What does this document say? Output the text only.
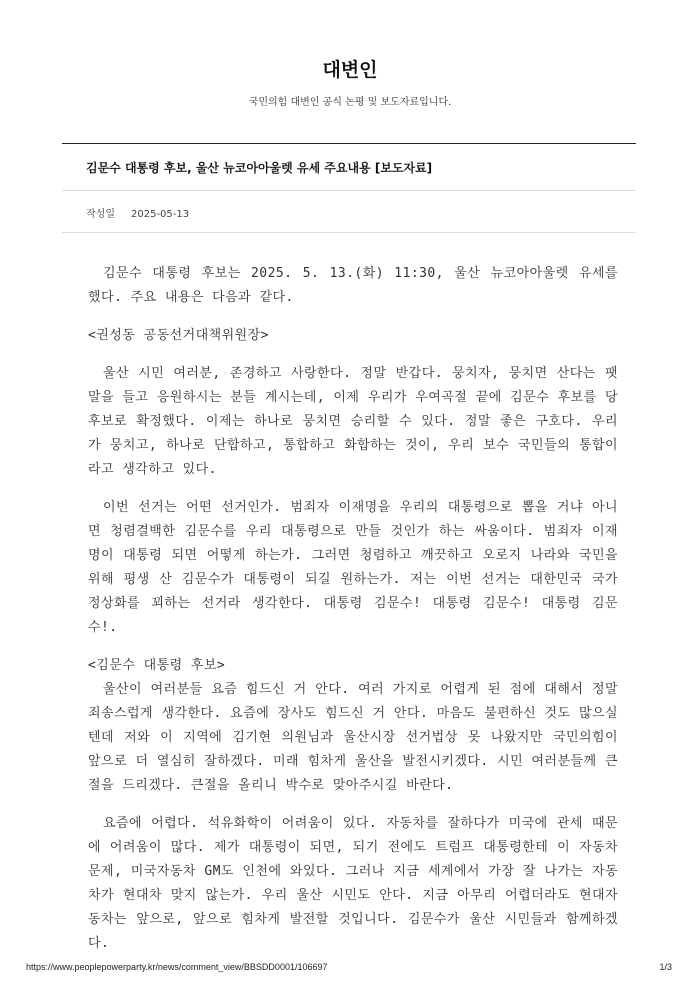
대변인
국민의힘 대변인 공식 논평 및 보도자료입니다.
김문수 대통령 후보, 울산 뉴코아아울렛 유세 주요내용 [보도자료]
작성일 2025-05-13

김문수 대통령 후보는 2025. 5. 13.(화) 11:30, 울산 뉴코아아울렛 유세를 했다. 주요 내용은 다음과 같다.

<권성동 공동선거대책위원장>

울산 시민 여러분, 존경하고 사랑한다. 정말 반갑다. 뭉치자, 뭉치면 산다는 팻말을 들고 응원하시는 분들 계시는데, 이제 우리가 우여곡절 끝에 김문수 후보를 당 후보로 확정했다. 이제는 하나로 뭉치면 승리할 수 있다. 정말 좋은 구호다. 우리가 뭉치고, 하나로 단합하고, 통합하고 화합하는 것이, 우리 보수 국민들의 통합이라고 생각하고 있다.

이번 선거는 어떤 선거인가. 범죄자 이재명을 우리의 대통령으로 뽑을 거냐 아니면 청렴결백한 김문수를 우리 대통령으로 만들 것인가 하는 싸움이다. 범죄자 이재명이 대통령 되면 어떻게 하는가. 그러면 청렴하고 깨끗하고 오로지 나라와 국민을 위해 평생 산 김문수가 대통령이 되길 원하는가. 저는 이번 선거는 대한민국 국가 정상화를 꾀하는 선거라 생각한다. 대통령 김문수! 대통령 김문수! 대통령 김문수!.

<김문수 대통령 후보>

울산이 여러분들 요즘 힘드신 거 안다. 여러 가지로 어렵게 된 점에 대해서 정말 죄송스럽게 생각한다. 요즘에 장사도 힘드신 거 안다. 마음도 불편하신 것도 많으실 텐데 저와 이 지역에 김기현 의원님과 울산시장 선거법상 못 나왔지만 국민의힘이 앞으로 더 열심히 잘하겠다. 미래 힘차게 울산을 발전시키겠다. 시민 여러분들께 큰절을 드리겠다. 큰절을 올리니 박수로 맞아주시길 바란다.

요즘에 어렵다. 석유화학이 어려움이 있다. 자동차를 잘하다가 미국에 관세 때문에 어려움이 많다. 제가 대통령이 되면, 되기 전에도 트럼프 대통령한테 이 자동차 문제, 미국자동차 GM도 인천에 와있다. 그러나 지금 세계에서 가장 잘 나가는 자동차가 현대차 맞지 않는가. 우리 울산 시민도 안다. 지금 아무리 어렵더라도 현대자동차는 앞으로, 앞으로 힘차게 발전할 것입니다. 김문수가 울산 시민들과 함께하겠다.

https://www.peoplepowerparty.kr/news/comment_view/BBSDD0001/106697	1/3
